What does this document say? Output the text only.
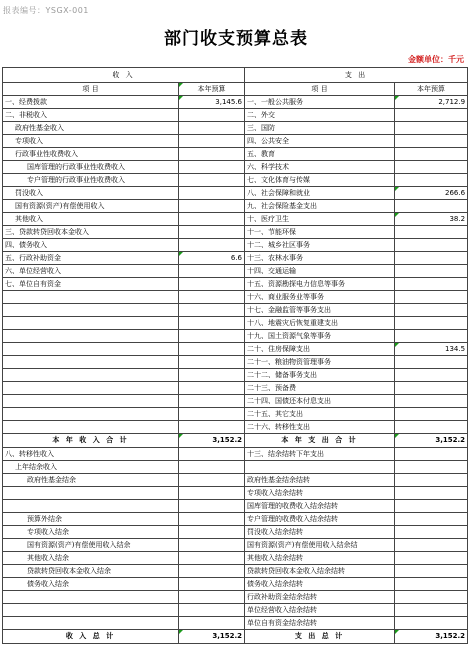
报表编号：YSGX-001
部门收支预算总表
金额单位：千元
收 入		支 出	
项 目	本年预算	项 目	本年预算
一、经费拨款	3,145.6	一、一般公共服务	2,712.9
二、非税收入		二、外交	
政府性基金收入		三、国防	
专项收入		四、公共安全	
行政事业性收费收入		五、教育	
国库管理的行政事业性收费收入		六、科学技术	
专户管理的行政事业性收费收入		七、文化体育与传媒	
罚没收入		八、社会保障和就业	266.6
国有资源(资产)有偿使用收入		九、社会保险基金支出	
其他收入		十、医疗卫生	38.2
三、贷款转贷回收本金收入		十一、节能环保	
四、债务收入		十二、城乡社区事务	
五、行政补助资金	6.6	十三、农林水事务	
六、单位经营收入		十四、交通运输	
七、单位自有资金		十五、资源勘探电力信息等事务	
		十六、商业服务业等事务	
		十七、金融监管等事务支出	
		十八、地震灾后恢复重建支出	
		十九、国土资源气象等事务	
		二十、住房保障支出	134.5
		二十一、粮油物资管理事务	
		二十二、储备事务支出	
		二十三、预备费	
		二十四、国债还本付息支出	
		二十五、其它支出	
		二十六、转移性支出	
本 年 收 入 合 计	3,152.2	本 年 支 出 合 计	3,152.2
八、转移性收入		十三、结余结转下年支出	
上年结余收入			
政府性基金结余		政府性基金结余结转	
		专项收入结余结转	
		国库管理的收费收入结余结转	
预算外结余		专户管理的收费收入结余结转	
专项收入结余		罚没收入结余结转	
国有资源(资产)有偿使用收入结余		国有资源(资产)有偿使用收入结余结	
其他收入结余		其他收入结余结转	
贷款转贷回收本金收入结余		贷款转贷回收本金收入结余结转	
债务收入结余		债务收入结余结转	
		行政补助资金结余结转	
		单位经营收入结余结转	
		单位自有资金结余结转	
收 入 总 计	3,152.2	支 出 总 计	3,152.2
